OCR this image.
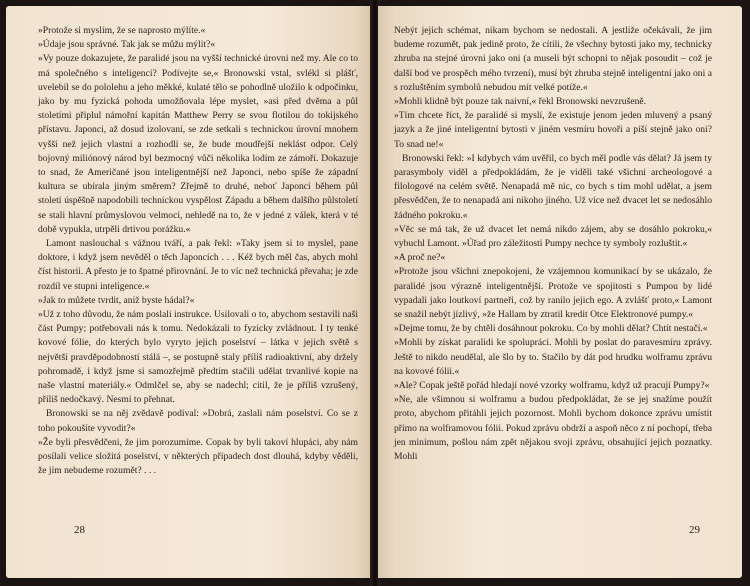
»Protože si myslím, že se naprosto mýlíte.«

»Údaje jsou správné. Tak jak se můžu mýlit?«

»Vy pouze dokazujete, že paralidé jsou na vyšší technické úrovni než my. Ale co to má společného s inteligencí? Podívejte se,« Bronowski vstal, svlékl si plášť, uvelebil se do pololehu a jeho měkké, kulaté tělo se pohodlně uložilo k odpočinku, jako by mu fyzická pohoda umožňovala lépe myslet, »asi před dvěma a půl stoletími připlul námořní kapitán Matthew Perry se svou flotilou do tokijského přístavu. Japonci, až dosud izolovaní, se zde setkali s technickou úrovní mnohem vyšší než jejich vlastní a rozhodli se, že bude moudřejší neklást odpor. Celý bojovný miliónový národ byl bezmocný vůči několika lodím ze zámoří. Dokazuje to snad, že Američané jsou inteligentnější než Japonci, nebo spíše že západní kultura se ubírala jiným směrem? Zřejmě to druhé, neboť Japonci během půl století úspěšně napodobili technickou vyspělost Západu a během dalšího půlstoletí se stali hlavní průmyslovou velmocí, nehledě na to, že v jedné z válek, která v té době vypukla, utrpěli drtivou porážku.«

Lamont naslouchal s vážnou tváří, a pak řekl: »Taky jsem si to myslel, pane doktore, i když jsem nevěděl o těch Japoncích . . . Kéž bych měl čas, abych mohl číst historii. A přesto je to špatné přirovnání. Je to víc než technická převaha; je zde rozdíl ve stupni inteligence.«

»Jak to můžete tvrdit, aniž byste hádal?«

»Už z toho důvodu, že nám poslali instrukce. Usilovali o to, abychom sestavili naši část Pumpy; potřebovali nás k tomu. Nedokázali to fyzicky zvládnout. I ty tenké kovové fólie, do kterých bylo vyryto jejich poselství – látka v jejich světě s největší pravděpodobností stálá –, se postupně staly příliš radioaktivní, aby držely pohromadě, i když jsme si samozřejmě předtím stačili udělat trvanlivé kopie na naše vlastní materiály.« Odmlčel se, aby se nadechl; cítil, že je příliš vzrušený, příliš nedočkavý. Nesmí to přehnat.

Bronowski se na něj zvědavě podíval: »Dobrá, zaslali nám poselství. Co se z toho pokoušíte vyvodit?«

»Že byli přesvědčeni, že jim porozumíme. Copak by byli takoví hlupáci, aby nám posílali velice složitá poselství, v některých případech dost dlouhá, kdyby věděli, že jim nebudeme rozumět? . . .

28

Nebýt jejich schémat, nikam bychom se nedostali. A jestliže očekávali, že jim budeme rozumět, pak jedině proto, že cítili, že všechny bytosti jako my, technicky zhruba na stejné úrovni jako oni (a museli být schopni to nějak posoudit – což je další bod ve prospěch mého tvrzení), musí být zhruba stejně inteligentní jako oni a s rozluštěním symbolů nebudou mít velké potíže.«

»Mohli klidně být pouze tak naivní,« řekl Bronowski nevzrušeně.

»Tím chcete říct, že paralidé si myslí, že existuje jenom jeden mluvený a psaný jazyk a že jiné inteligentní bytosti v jiném vesmíru hovoří a píší stejně jako oni? To snad ne!«

Bronowski řekl: »I kdybych vám uvěřil, co bych měl podle vás dělat? Já jsem ty parasymboly viděl a předpokládám, že je viděli také všichni archeologové a filologové na celém světě. Nenapadá mě nic, co bych s tím mohl udělat, a jsem přesvědčen, že to nenapadá ani nikoho jiného. Už více než dvacet let se nedosáhlo žádného pokroku.«

»Věc se má tak, že už dvacet let nemá nikdo zájem, aby se dosáhlo pokroku,« vybuchl Lamont. »Úřad pro záležitosti Pumpy nechce ty symboly rozluštit.«

»A proč ne?«

»Protože jsou všichni znepokojeni, že vzájemnou komunikací by se ukázalo, že paralidé jsou výrazně inteligentnější. Protože ve spojitosti s Pumpou by lidé vypadali jako loutkoví partneři, což by ranilo jejich ego. A zvlášť proto,« Lamont se snažil nebýt jízlivý, »že Hallam by ztratil kredit Otce Elektronové pumpy.«

»Dejme tomu, že by chtěli dosáhnout pokroku. Co by mohli dělat? Chtít nestačí.«

»Mohli by získat paralidi ke spolupráci. Mohli by poslat do paravesmíru zprávy. Ještě to nikdo neudělal, ale šlo by to. Stačilo by dát pod hrudku wolframu zprávu na kovové fólii.«

»Ale? Copak ještě pořád hledají nové vzorky wolframu, když už pracují Pumpy?«

»Ne, ale všimnou si wolframu a budou předpokládat, že se jej snažíme použít proto, abychom přitáhli jejich pozornost. Mohli bychom dokonce zprávu umístit přímo na wolframovou fólii. Pokud zprávu obdrží a aspoň něco z ní pochopí, třeba jen minimum, pošlou nám zpět nějakou svoji zprávu, obsahující jejich poznatky. Mohli

29
